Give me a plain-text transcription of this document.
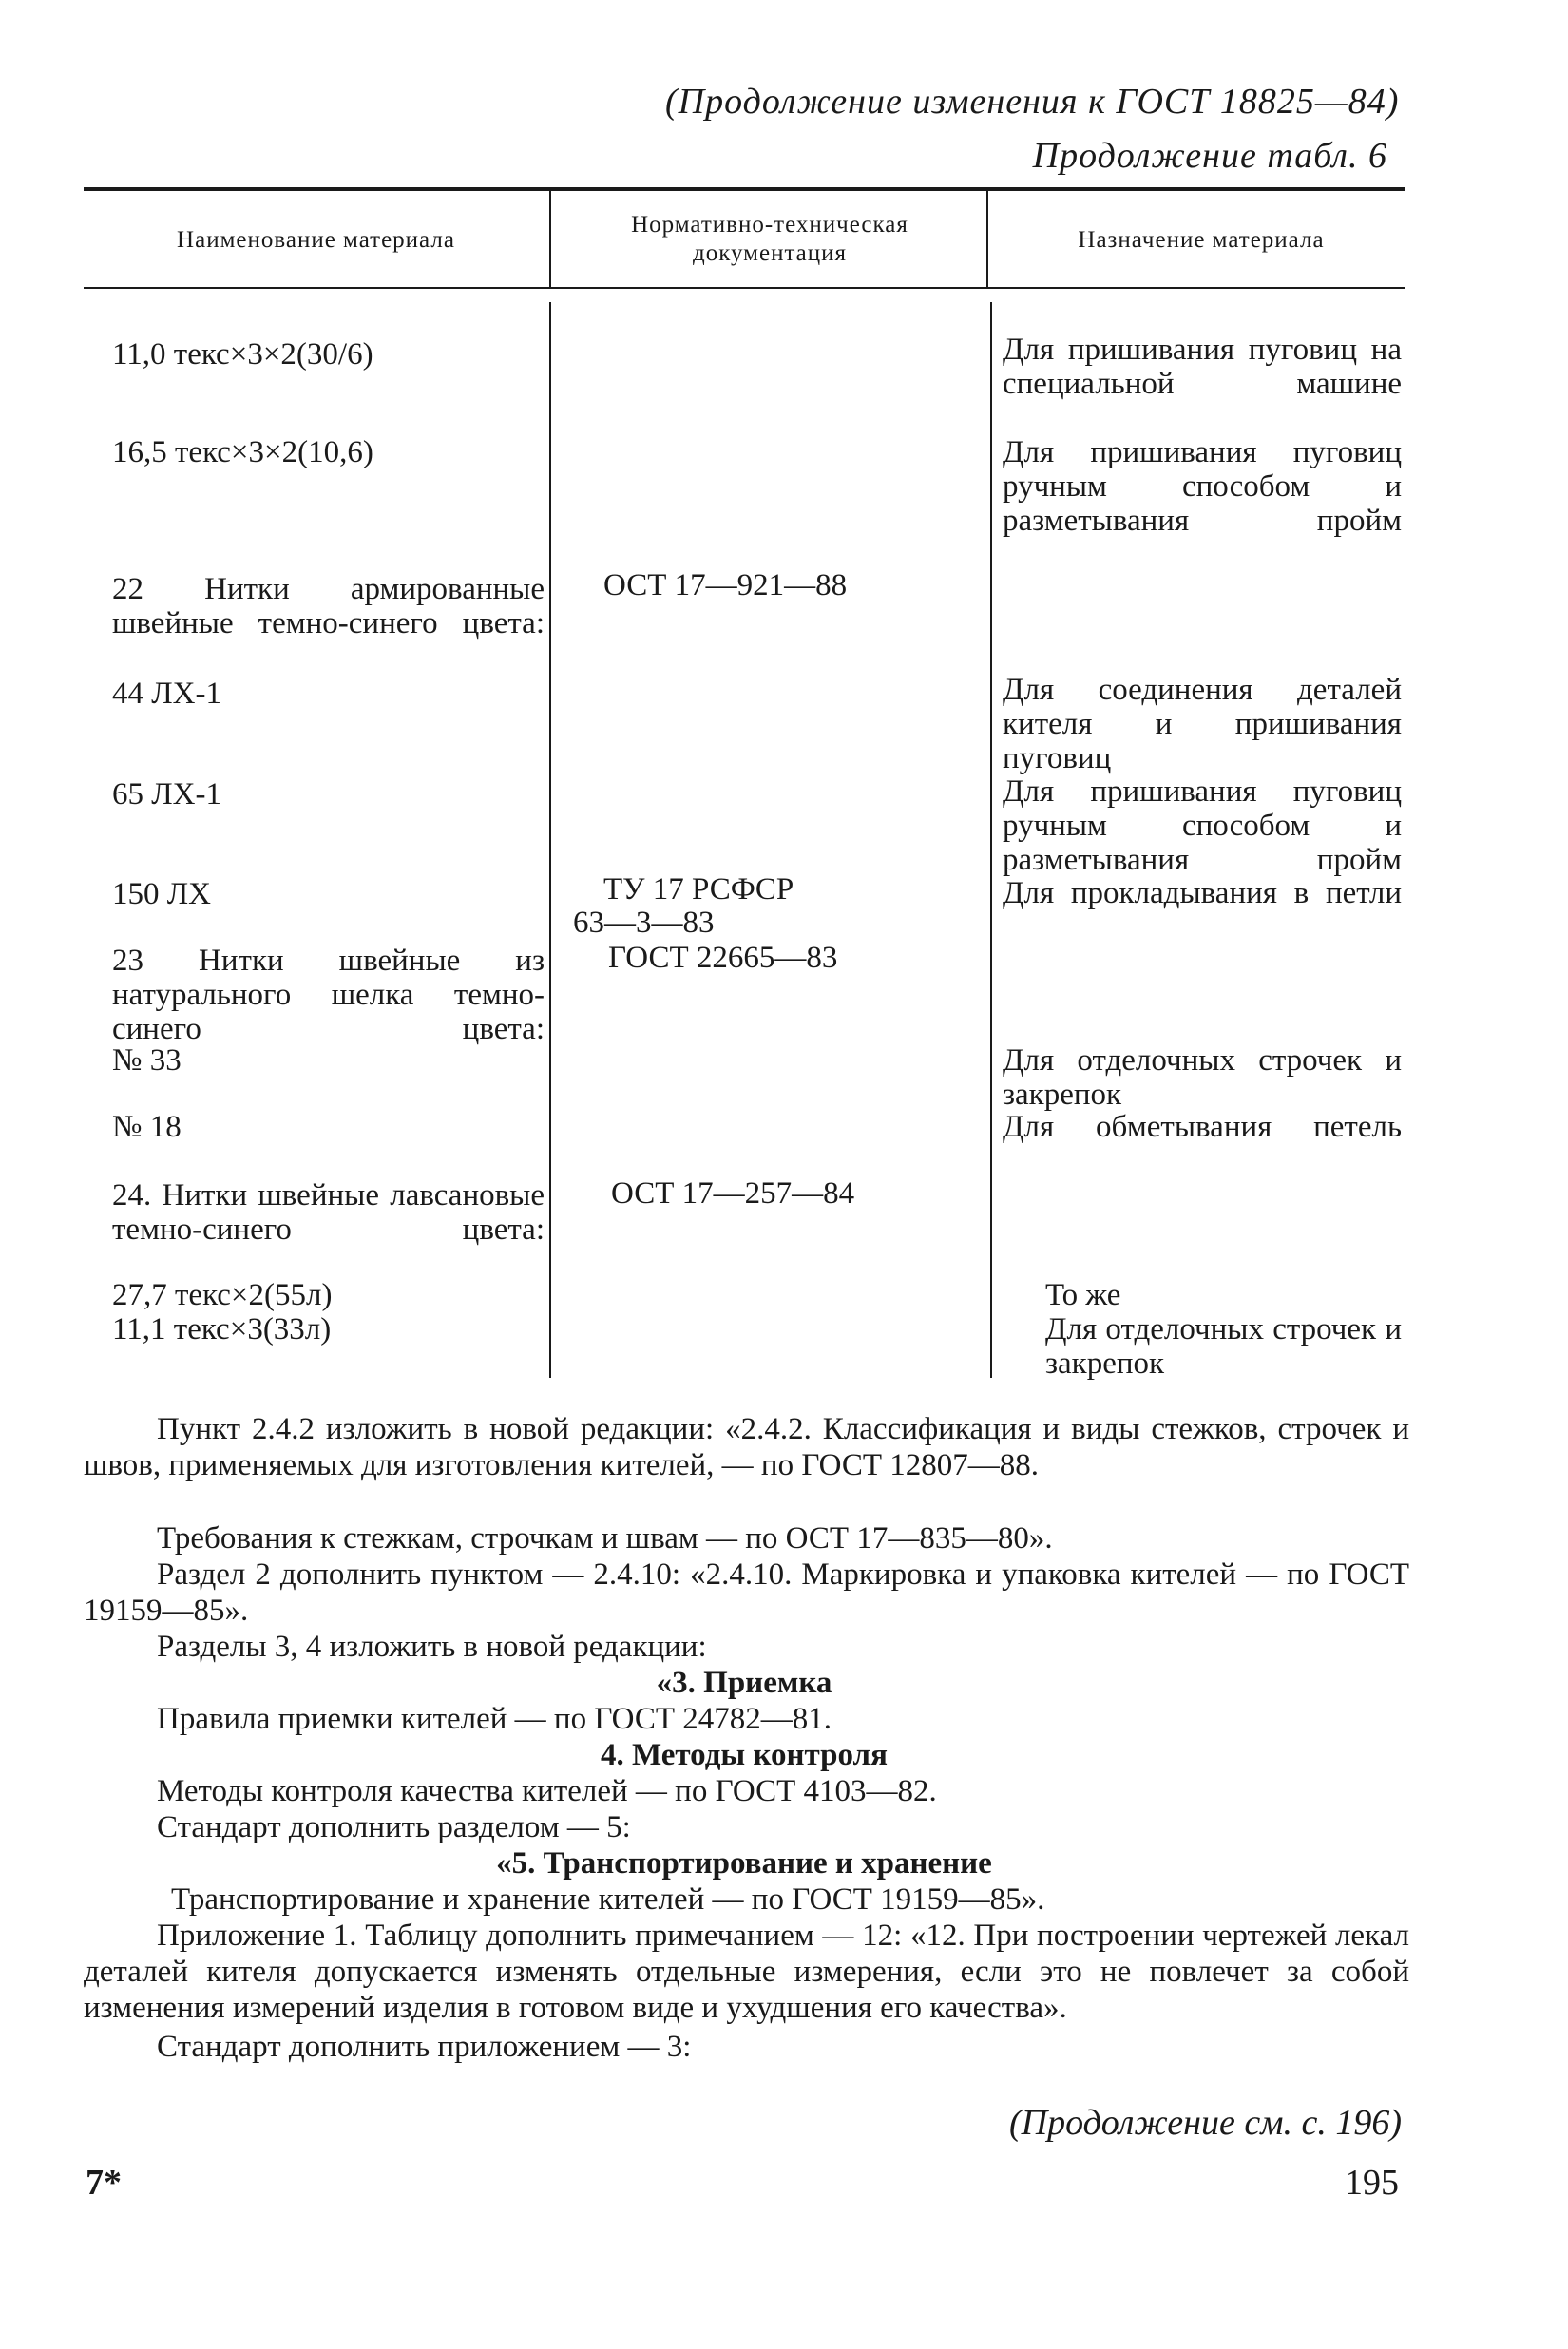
(Продолжение изменения к ГОСТ 18825—84)
Продолжение табл. 6
Наименование материала
Нормативно-техническая документация
Назначение материала
11,0 текс×3×2(30/6)
16,5 текс×3×2(10,6)
22 Нитки армированные швейные темно-синего цвета:
44 ЛХ-1
65 ЛХ-1
150 ЛХ
23 Нитки швейные из натурального шелка темно-синего цвета:
№ 33
№ 18
24. Нитки швейные лавсановые темно-синего цвета:
27,7 текс×2(55л)
11,1 текс×3(33л)
ОСТ 17—921—88
ТУ 17 РСФСР
63—3—83
ГОСТ 22665—83
ОСТ 17—257—84
Для пришивания пуговиц на специальной машине
Для пришивания пуговиц ручным способом и разметывания пройм
Для соединения деталей кителя и пришивания пуговиц
Для пришивания пуговиц ручным способом и разметывания пройм
Для прокладывания в петли
Для отделочных строчек и закрепок
Для обметывания петель
То же
Для отделочных строчек и закрепок
Пункт 2.4.2 изложить в новой редакции: «2.4.2. Классификация и виды стежков, строчек и швов, применяемых для изготовления кителей, — по ГОСТ 12807—88.
Требования к стежкам, строчкам и швам — по ОСТ 17—835—80».
Раздел 2 дополнить пунктом — 2.4.10: «2.4.10. Маркировка и упаковка кителей — по ГОСТ 19159—85».
Разделы 3, 4 изложить в новой редакции:
«3. Приемка
Правила приемки кителей — по ГОСТ 24782—81.
4. Методы контроля
Методы контроля качества кителей — по ГОСТ 4103—82.
Стандарт дополнить разделом — 5:
«5. Транспортирование и хранение
Транспортирование и хранение кителей — по ГОСТ 19159—85».
Приложение 1. Таблицу дополнить примечанием — 12: «12. При построении чертежей лекал деталей кителя допускается изменять отдельные измерения, если это не повлечет за собой изменения измерений изделия в готовом виде и ухудшения его качества».
Стандарт дополнить приложением — 3:
(Продолжение см. с. 196)
7*	195
